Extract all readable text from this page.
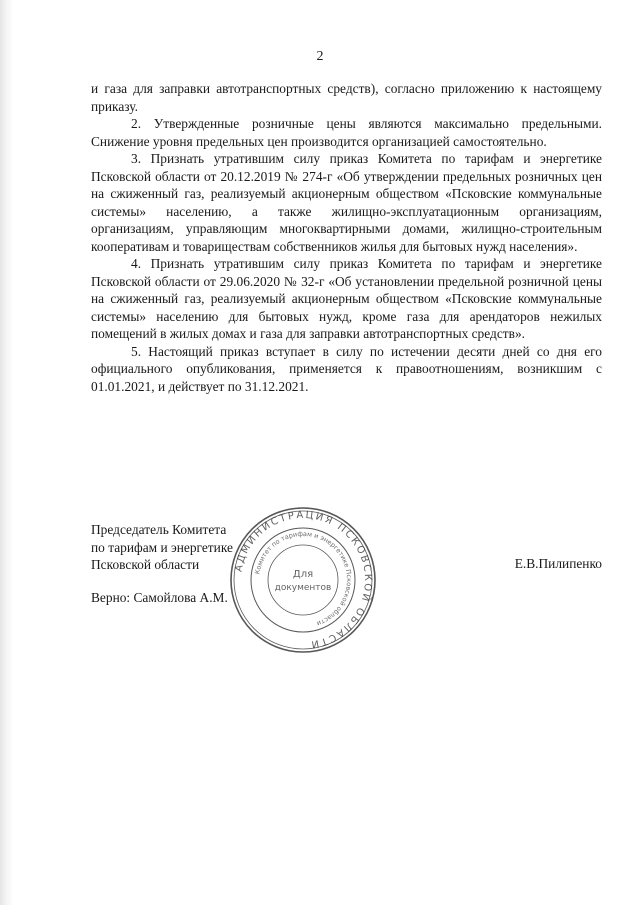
2

и газа для заправки автотранспортных средств), согласно приложению к настоящему приказу.

2. Утвержденные розничные цены являются максимально предельными. Снижение уровня предельных цен производится организацией самостоятельно.

3. Признать утратившим силу приказ Комитета по тарифам и энергетике Псковской области от 20.12.2019 № 274-г «Об утверждении предельных розничных цен на сжиженный газ, реализуемый акционерным обществом «Псковские коммунальные системы» населению, а также жилищно-эксплуатационным организациям, организациям, управляющим многоквартирными домами, жилищно-строительным кооперативам и товариществам собственников жилья для бытовых нужд населения».

4. Признать утратившим силу приказ Комитета по тарифам и энергетике Псковской области от 29.06.2020 № 32-г «Об установлении предельной розничной цены на сжиженный газ, реализуемый акционерным обществом «Псковские коммунальные системы» населению для бытовых нужд, кроме газа для арендаторов нежилых помещений в жилых домах и газа для заправки автотранспортных средств».

5. Настоящий приказ вступает в силу по истечении десяти дней со дня его официального опубликования, применяется к правоотношениям, возникшим с 01.01.2021, и действует по 31.12.2021.

Председатель Комитета
по тарифам и энергетике
Псковской области	Е.В.Пилипенко
Верно: Самойлова А.М.
АДМИНИСТРАЦИЯ ПСКОВСКОЙ ОБЛАСТИ
Комитет по тарифам и энергетике Псковской области
Для
документов
